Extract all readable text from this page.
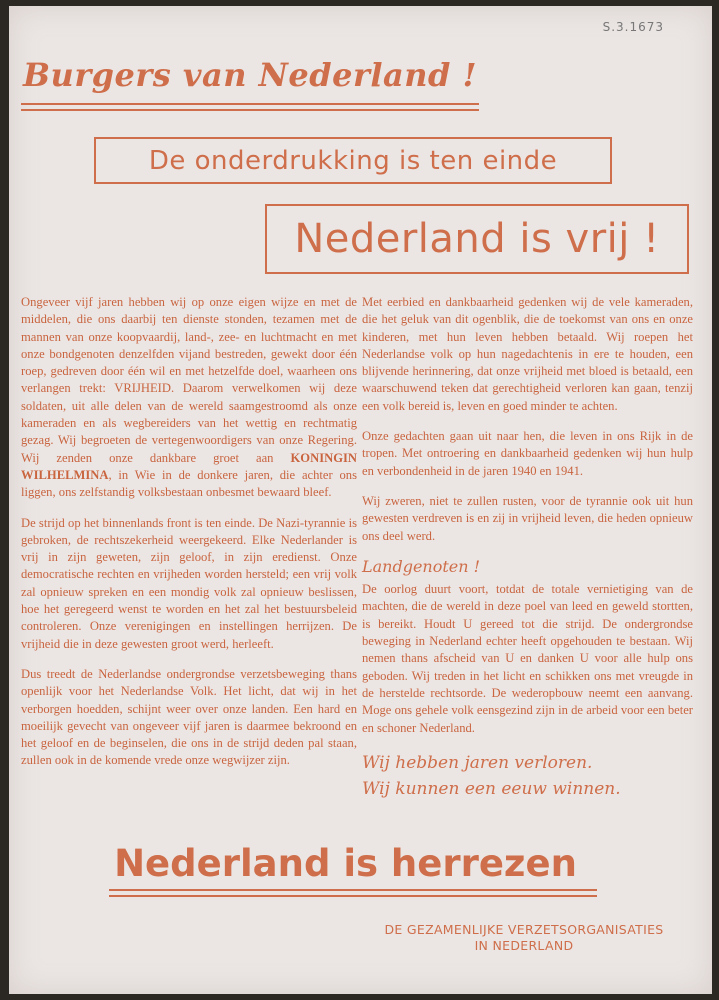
S.3.1673
Burgers van Nederland !
De onderdrukking is ten einde
Nederland is vrij !

Ongeveer vijf jaren hebben wij op onze eigen wijze en met de middelen, die ons daarbij ten dienste stonden, tezamen met de mannen van onze koopvaardij, land-, zee- en luchtmacht en met onze bondgenoten denzelfden vijand bestreden, gewekt door één roep, gedreven door één wil en met hetzelfde doel, waarheen ons verlangen trekt: VRIJHEID. Daarom verwelkomen wij deze soldaten, uit alle delen van de wereld saamgestroomd als onze kameraden en als wegbereiders van het wettig en rechtmatig gezag. Wij begroeten de vertegenwoordigers van onze Regering. Wij zenden onze dankbare groet aan KONINGIN WILHELMINA, in Wie in de donkere jaren, die achter ons liggen, ons zelfstandig volksbestaan onbesmet bewaard bleef.

De strijd op het binnenlands front is ten einde. De Nazi-tyrannie is gebroken, de rechtszekerheid weergekeerd. Elke Nederlander is vrij in zijn geweten, zijn geloof, in zijn eredienst. Onze democratische rechten en vrijheden worden hersteld; een vrij volk zal opnieuw spreken en een mondig volk zal opnieuw beslissen, hoe het geregeerd wenst te worden en het zal het bestuursbeleid controleren. Onze verenigingen en instellingen herrijzen. De vrijheid die in deze gewesten groot werd, herleeft.

Dus treedt de Nederlandse ondergrondse verzetsbeweging thans openlijk voor het Nederlandse Volk. Het licht, dat wij in het verborgen hoedden, schijnt weer over onze landen. Een hard en moeilijk gevecht van ongeveer vijf jaren is daarmee bekroond en het geloof en de beginselen, die ons in de strijd deden pal staan, zullen ook in de komende vrede onze wegwijzer zijn.

Met eerbied en dankbaarheid gedenken wij de vele kameraden, die het geluk van dit ogenblik, die de toekomst van ons en onze kinderen, met hun leven hebben betaald. Wij roepen het Nederlandse volk op hun nagedachtenis in ere te houden, een blijvende herinnering, dat onze vrijheid met bloed is betaald, een waarschuwend teken dat gerechtigheid verloren kan gaan, tenzij een volk bereid is, leven en goed minder te achten.

Onze gedachten gaan uit naar hen, die leven in ons Rijk in de tropen. Met ontroering en dankbaarheid gedenken wij hun hulp en verbondenheid in de jaren 1940 en 1941.

Wij zweren, niet te zullen rusten, voor de tyrannie ook uit hun gewesten verdreven is en zij in vrijheid leven, die heden opnieuw ons deel werd.

Landgenoten !

De oorlog duurt voort, totdat de totale vernietiging van de machten, die de wereld in deze poel van leed en geweld stortten, is bereikt. Houdt U gereed tot die strijd. De ondergrondse beweging in Nederland echter heeft opgehouden te bestaan. Wij nemen thans afscheid van U en danken U voor alle hulp ons geboden. Wij treden in het licht en schikken ons met vreugde in de herstelde rechtsorde. De wederopbouw neemt een aanvang. Moge ons gehele volk eensgezind zijn in de arbeid voor een beter en schoner Nederland.

Wij hebben jaren verloren.
Wij kunnen een eeuw winnen.
Nederland is herrezen
DE GEZAMENLIJKE VERZETSORGANISATIES
IN NEDERLAND
